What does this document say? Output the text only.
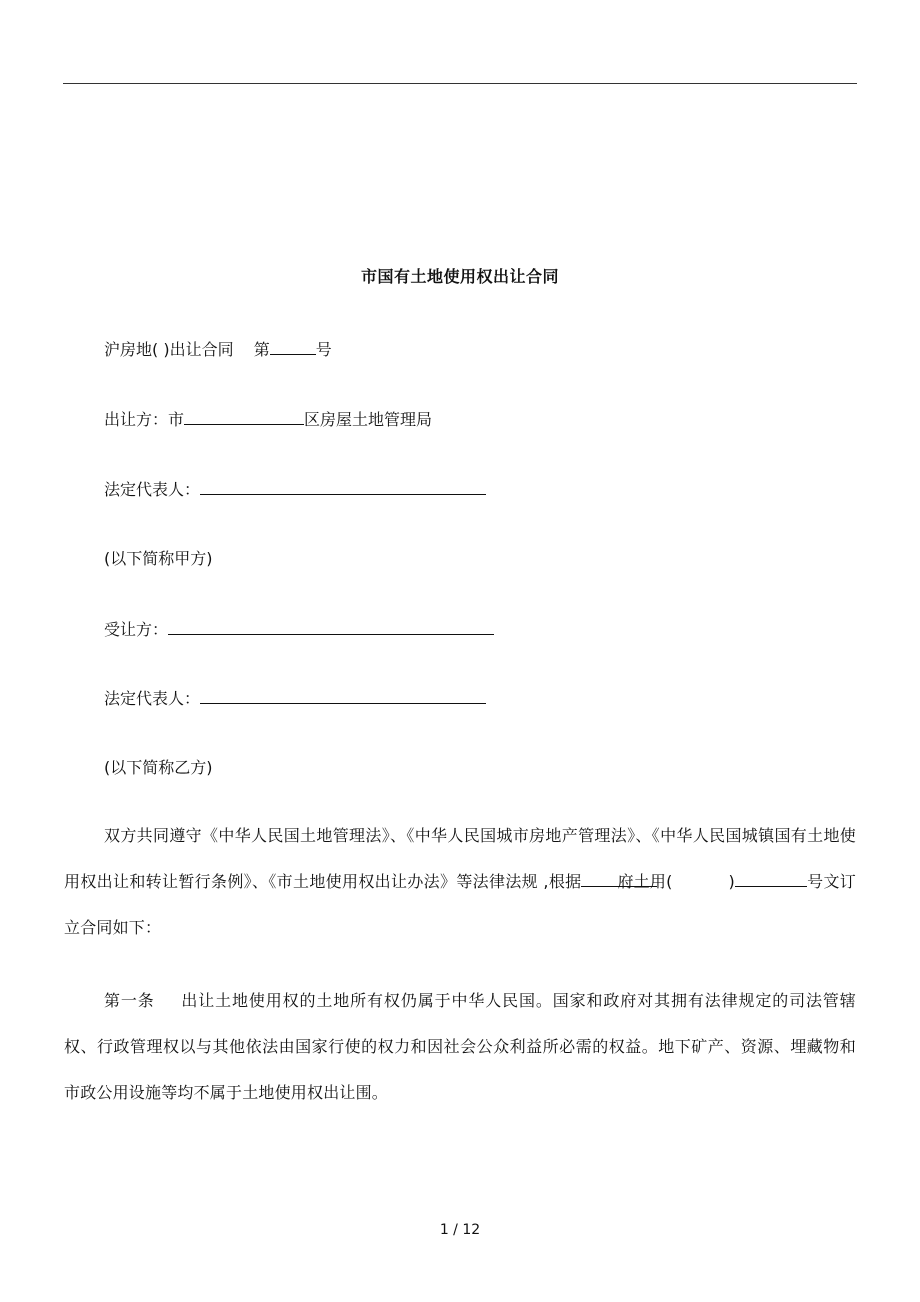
市国有土地使用权出让合同
沪房地( )出让合同 第	号
出让方：市	区房屋土地管理局
法定代表人：
(以下简称甲方)
受让方：
法定代表人：
(以下简称乙方)
双方共同遵守《中华人民国土地管理法》、《中华人民国城市房地产管理法》、《中华人民国城镇国有土地使用权出让和转让暂行条例》、《市土地使用权出让办法》等法律法规 ,根据 府土用(	)	号文订立合同如下：
第一条 出让土地使用权的土地所有权仍属于中华人民国。国家和政府对其拥有法律规定的司法管辖权、行政管理权以与其他依法由国家行使的权力和因社会公众利益所必需的权益。地下矿产、资源、埋藏物和市政公用设施等均不属于土地使用权出让围。
1 / 12
